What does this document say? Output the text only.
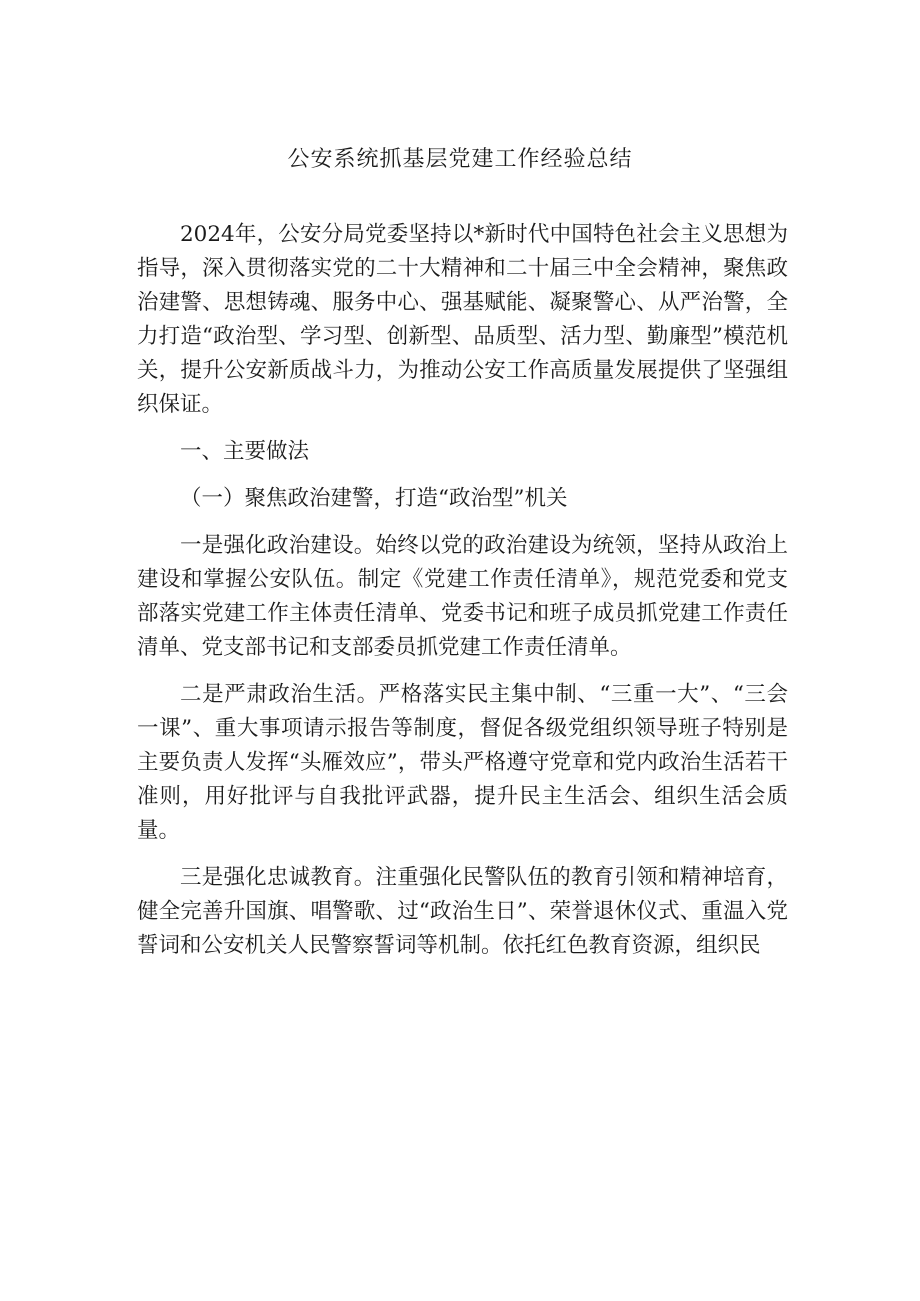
公安系统抓基层党建工作经验总结

2024年，公安分局党委坚持以*新时代中国特色社会主义思想为指导，深入贯彻落实党的二十大精神和二十届三中全会精神，聚焦政治建警、思想铸魂、服务中心、强基赋能、凝聚警心、从严治警，全力打造“政治型、学习型、创新型、品质型、活力型、勤廉型”模范机关，提升公安新质战斗力，为推动公安工作高质量发展提供了坚强组织保证。

一、主要做法

（一）聚焦政治建警，打造“政治型”机关

一是强化政治建设。始终以党的政治建设为统领，坚持从政治上建设和掌握公安队伍。制定《党建工作责任清单》，规范党委和党支部落实党建工作主体责任清单、党委书记和班子成员抓党建工作责任清单、党支部书记和支部委员抓党建工作责任清单。

二是严肃政治生活。严格落实民主集中制、“三重一大”、“三会一课”、重大事项请示报告等制度，督促各级党组织领导班子特别是主要负责人发挥“头雁效应”，带头严格遵守党章和党内政治生活若干准则，用好批评与自我批评武器，提升民主生活会、组织生活会质量。

三是强化忠诚教育。注重强化民警队伍的教育引领和精神培育，健全完善升国旗、唱警歌、过“政治生日”、荣誉退休仪式、重温入党誓词和公安机关人民警察誓词等机制。依托红色教育资源，组织民
